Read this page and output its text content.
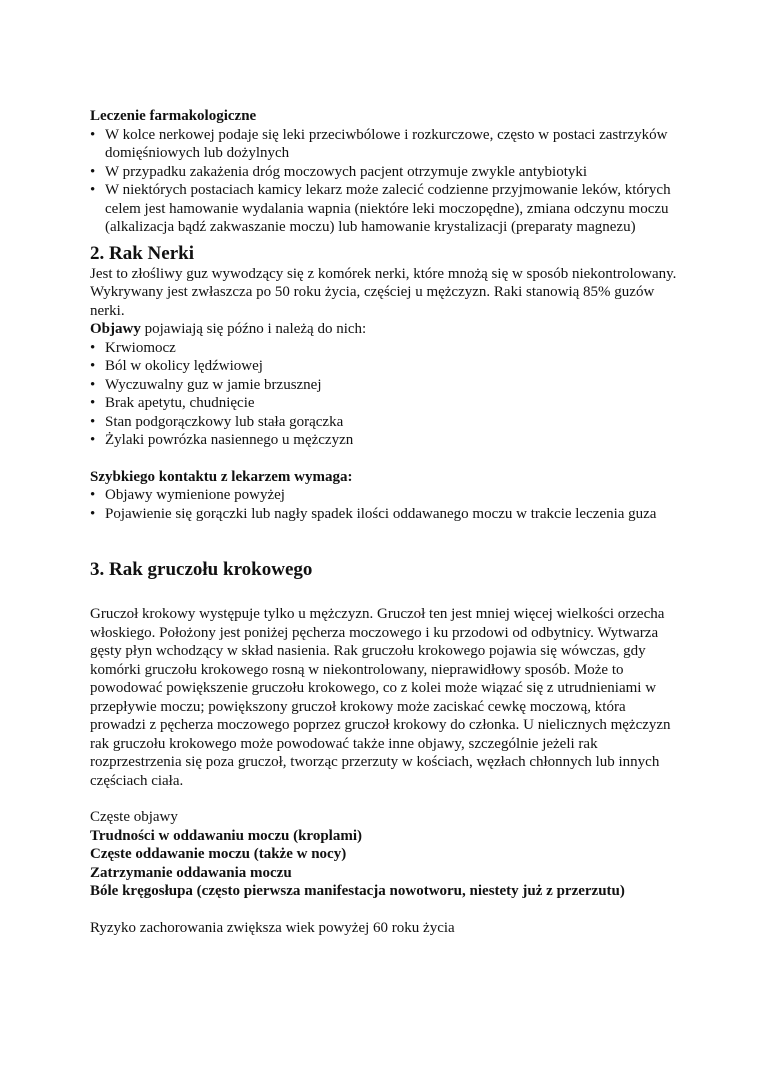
Leczenie farmakologiczne

• W kolce nerkowej podaje się leki przeciwbólowe i rozkurczowe, często w postaci zastrzyków domięśniowych lub dożylnych
• W przypadku zakażenia dróg moczowych pacjent otrzymuje zwykle antybiotyki
• W niektórych postaciach kamicy lekarz może zalecić codzienne przyjmowanie leków, których celem jest hamowanie wydalania wapnia (niektóre leki moczopędne), zmiana odczynu moczu (alkalizacja bądź zakwaszanie moczu) lub hamowanie krystalizacji (preparaty magnezu)

2. Rak Nerki

Jest to złośliwy guz wywodzący się z komórek nerki, które mnożą się w sposób niekontrolowany. Wykrywany jest zwłaszcza po 50 roku życia, częściej u mężczyzn. Raki stanowią 85% guzów nerki.

Objawy pojawiają się późno i należą do nich:

• Krwiomocz
• Ból w okolicy lędźwiowej
• Wyczuwalny guz w jamie brzusznej
• Brak apetytu, chudnięcie
• Stan podgorączkowy lub stała gorączka
• Żylaki powrózka nasiennego u mężczyzn

Szybkiego kontaktu z lekarzem wymaga:

• Objawy wymienione powyżej
• Pojawienie się gorączki lub nagły spadek ilości oddawanego moczu w trakcie leczenia guza

3. Rak gruczołu krokowego

Gruczoł krokowy występuje tylko u mężczyzn. Gruczoł ten jest mniej więcej wielkości orzecha włoskiego. Położony jest poniżej pęcherza moczowego i ku przodowi od odbytnicy. Wytwarza gęsty płyn wchodzący w skład nasienia. Rak gruczołu krokowego pojawia się wówczas, gdy komórki gruczołu krokowego rosną w niekontrolowany, nieprawidłowy sposób. Może to powodować powiększenie gruczołu krokowego, co z kolei może wiązać się z utrudnieniami w przepływie moczu; powiększony gruczoł krokowy może zaciskać cewkę moczową, która prowadzi z pęcherza moczowego poprzez gruczoł krokowy do członka. U nielicznych mężczyzn rak gruczołu krokowego może powodować także inne objawy, szczególnie jeżeli rak rozprzestrzenia się poza gruczoł, tworząc przerzuty w kościach, węzłach chłonnych lub innych częściach ciała.

Częste objawy

Trudności w oddawaniu moczu (kroplami)

Częste oddawanie moczu (także w nocy)

Zatrzymanie oddawania moczu

Bóle kręgosłupa (często pierwsza manifestacja nowotworu, niestety już z przerzutu)

Ryzyko zachorowania zwiększa wiek powyżej 60 roku życia
